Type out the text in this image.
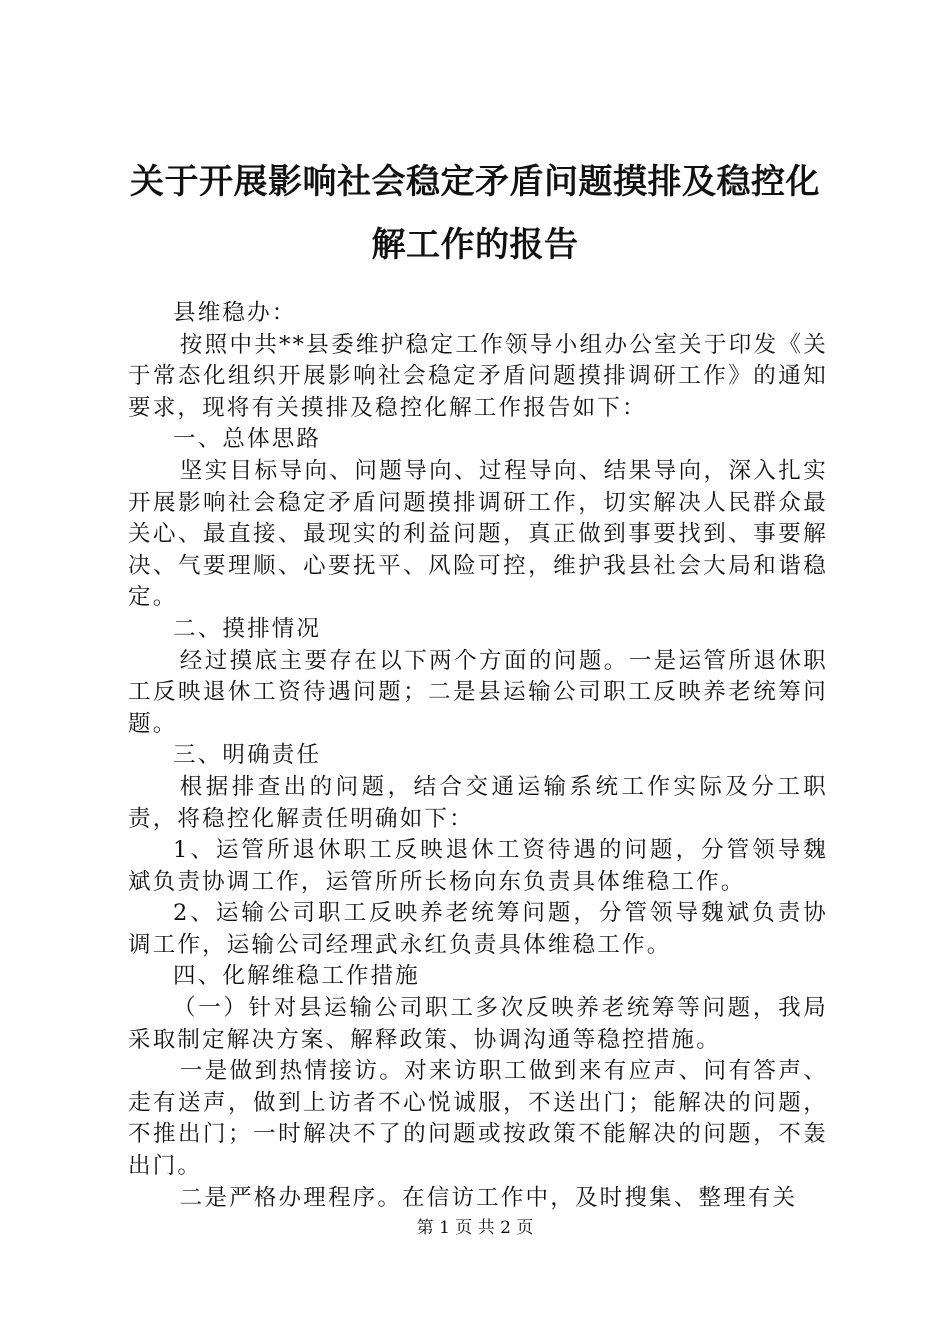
关于开展影响社会稳定矛盾问题摸排及稳控化
解工作的报告

县维稳办：

按照中共**县委维护稳定工作领导小组办公室关于印发《关于常态化组织开展影响社会稳定矛盾问题摸排调研工作》的通知要求，现将有关摸排及稳控化解工作报告如下：

一、总体思路

坚实目标导向、问题导向、过程导向、结果导向，深入扎实开展影响社会稳定矛盾问题摸排调研工作，切实解决人民群众最关心、最直接、最现实的利益问题，真正做到事要找到、事要解决、气要理顺、心要抚平、风险可控，维护我县社会大局和谐稳定。

二、摸排情况

经过摸底主要存在以下两个方面的问题。一是运管所退休职工反映退休工资待遇问题；二是县运输公司职工反映养老统筹问题。

三、明确责任

根据排查出的问题，结合交通运输系统工作实际及分工职责，将稳控化解责任明确如下：

1、运管所退休职工反映退休工资待遇的问题，分管领导魏斌负责协调工作，运管所所长杨向东负责具体维稳工作。

2、运输公司职工反映养老统筹问题，分管领导魏斌负责协调工作，运输公司经理武永红负责具体维稳工作。

四、化解维稳工作措施

（一）针对县运输公司职工多次反映养老统筹等问题，我局采取制定解决方案、解释政策、协调沟通等稳控措施。

一是做到热情接访。对来访职工做到来有应声、问有答声、走有送声，做到上访者不心悦诚服，不送出门；能解决的问题，不推出门；一时解决不了的问题或按政策不能解决的问题，不轰出门。

二是严格办理程序。在信访工作中，及时搜集、整理有关

第 1 页 共 2 页
